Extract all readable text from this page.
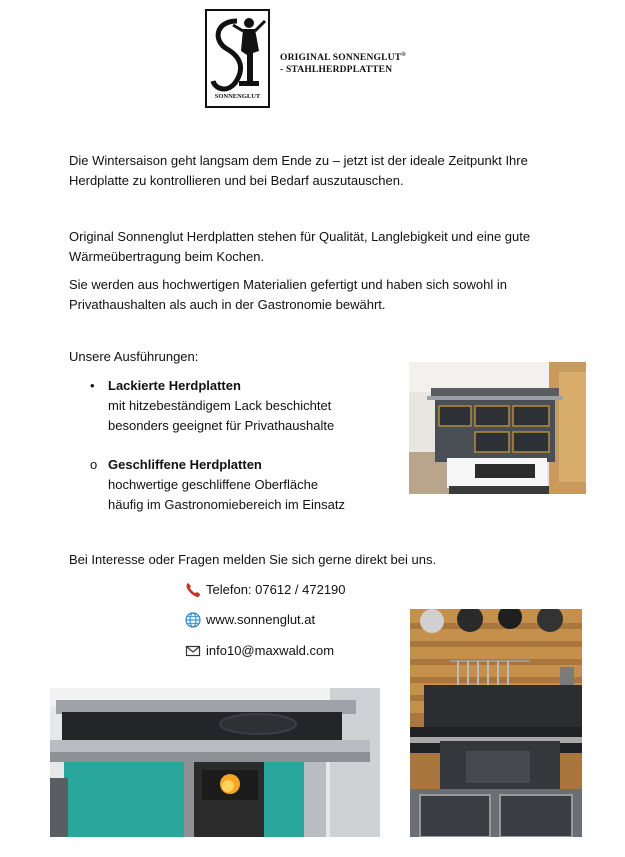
SONNENGLUT
ORIGINAL SONNENGLUT®
- STAHLHERDPLATTEN
Die Wintersaison geht langsam dem Ende zu – jetzt ist der ideale Zeitpunkt Ihre Herdplatte zu kontrollieren und bei Bedarf auszutauschen.
Original Sonnenglut Herdplatten stehen für Qualität, Langlebigkeit und eine gute Wärmeübertragung beim Kochen.
Sie werden aus hochwertigen Materialien gefertigt und haben sich sowohl in Privathaushalten als auch in der Gastronomie bewährt.
Unsere Ausführungen:
• Lackierte Herdplatten
mit hitzebeständigem Lack beschichtet
besonders geeignet für Privathaushalte
o Geschliffene Herdplatten
hochwertige geschliffene Oberfläche
häufig im Gastronomiebereich im Einsatz
Bei Interesse oder Fragen melden Sie sich gerne direkt bei uns.
Telefon: 07612 / 472190
www.sonnenglut.at
info10@maxwald.com
